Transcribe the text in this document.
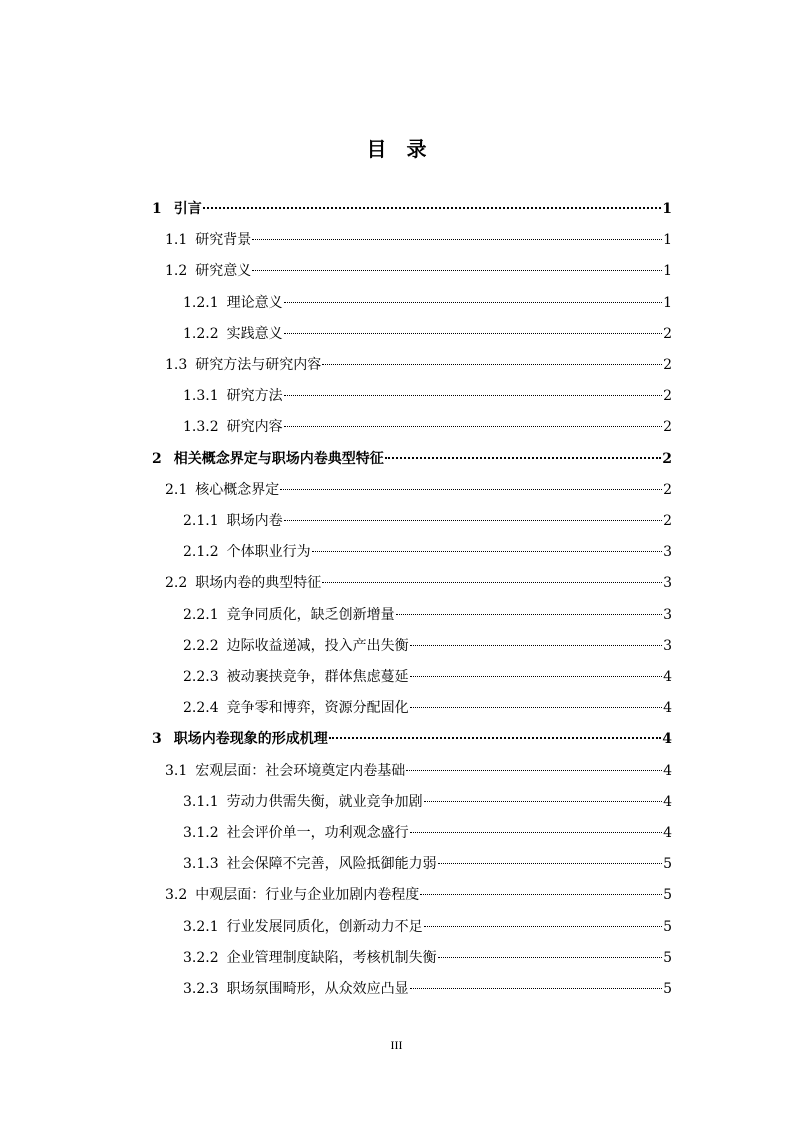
目　录
1 引言	1
1.1 研究背景	1
1.2 研究意义	1
1.2.1 理论意义	1
1.2.2 实践意义	2
1.3 研究方法与研究内容	2
1.3.1 研究方法	2
1.3.2 研究内容	2
2 相关概念界定与职场内卷典型特征	2
2.1 核心概念界定	2
2.1.1 职场内卷	2
2.1.2 个体职业行为	3
2.2 职场内卷的典型特征	3
2.2.1 竞争同质化，缺乏创新增量	3
2.2.2 边际收益递减，投入产出失衡	3
2.2.3 被动裹挟竞争，群体焦虑蔓延	4
2.2.4 竞争零和博弈，资源分配固化	4
3 职场内卷现象的形成机理	4
3.1 宏观层面：社会环境奠定内卷基础	4
3.1.1 劳动力供需失衡，就业竞争加剧	4
3.1.2 社会评价单一，功利观念盛行	4
3.1.3 社会保障不完善，风险抵御能力弱	5
3.2 中观层面：行业与企业加剧内卷程度	5
3.2.1 行业发展同质化，创新动力不足	5
3.2.2 企业管理制度缺陷，考核机制失衡	5
3.2.3 职场氛围畸形，从众效应凸显	5
III
